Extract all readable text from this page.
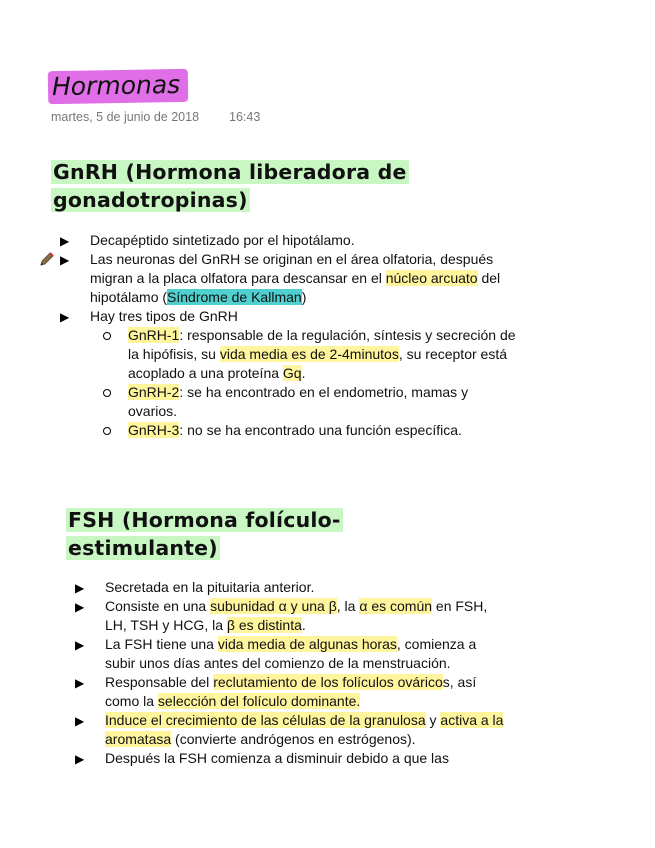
Hormonas
martes, 5 de junio de 2018 16:43
GnRH (Hormona liberadora de
gonadotropinas)
▶ Decapéptido sintetizado por el hipotálamo.
▶ Las neuronas del GnRH se originan en el área olfatoria, después migran a la placa olfatora para descansar en el núcleo arcuato del hipotálamo (Síndrome de Kallman)
▶ Hay tres tipos de GnRH
GnRH-1: responsable de la regulación, síntesis y secreción de la hipófisis, su vida media es de 2-4minutos, su receptor está acoplado a una proteína Gq.
GnRH-2: se ha encontrado en el endometrio, mamas y ovarios.
GnRH-3: no se ha encontrado una función específica.
FSH (Hormona folículo-
estimulante)
▶ Secretada en la pituitaria anterior.
▶ Consiste en una subunidad α y una β, la α es común en FSH, LH, TSH y HCG, la β es distinta.
▶ La FSH tiene una vida media de algunas horas, comienza a subir unos días antes del comienzo de la menstruación.
▶ Responsable del reclutamiento de los folículos ováricos, así como la selección del folículo dominante.
▶ Induce el crecimiento de las células de la granulosa y activa a la aromatasa (convierte andrógenos en estrógenos).
▶ Después la FSH comienza a disminuir debido a que las
